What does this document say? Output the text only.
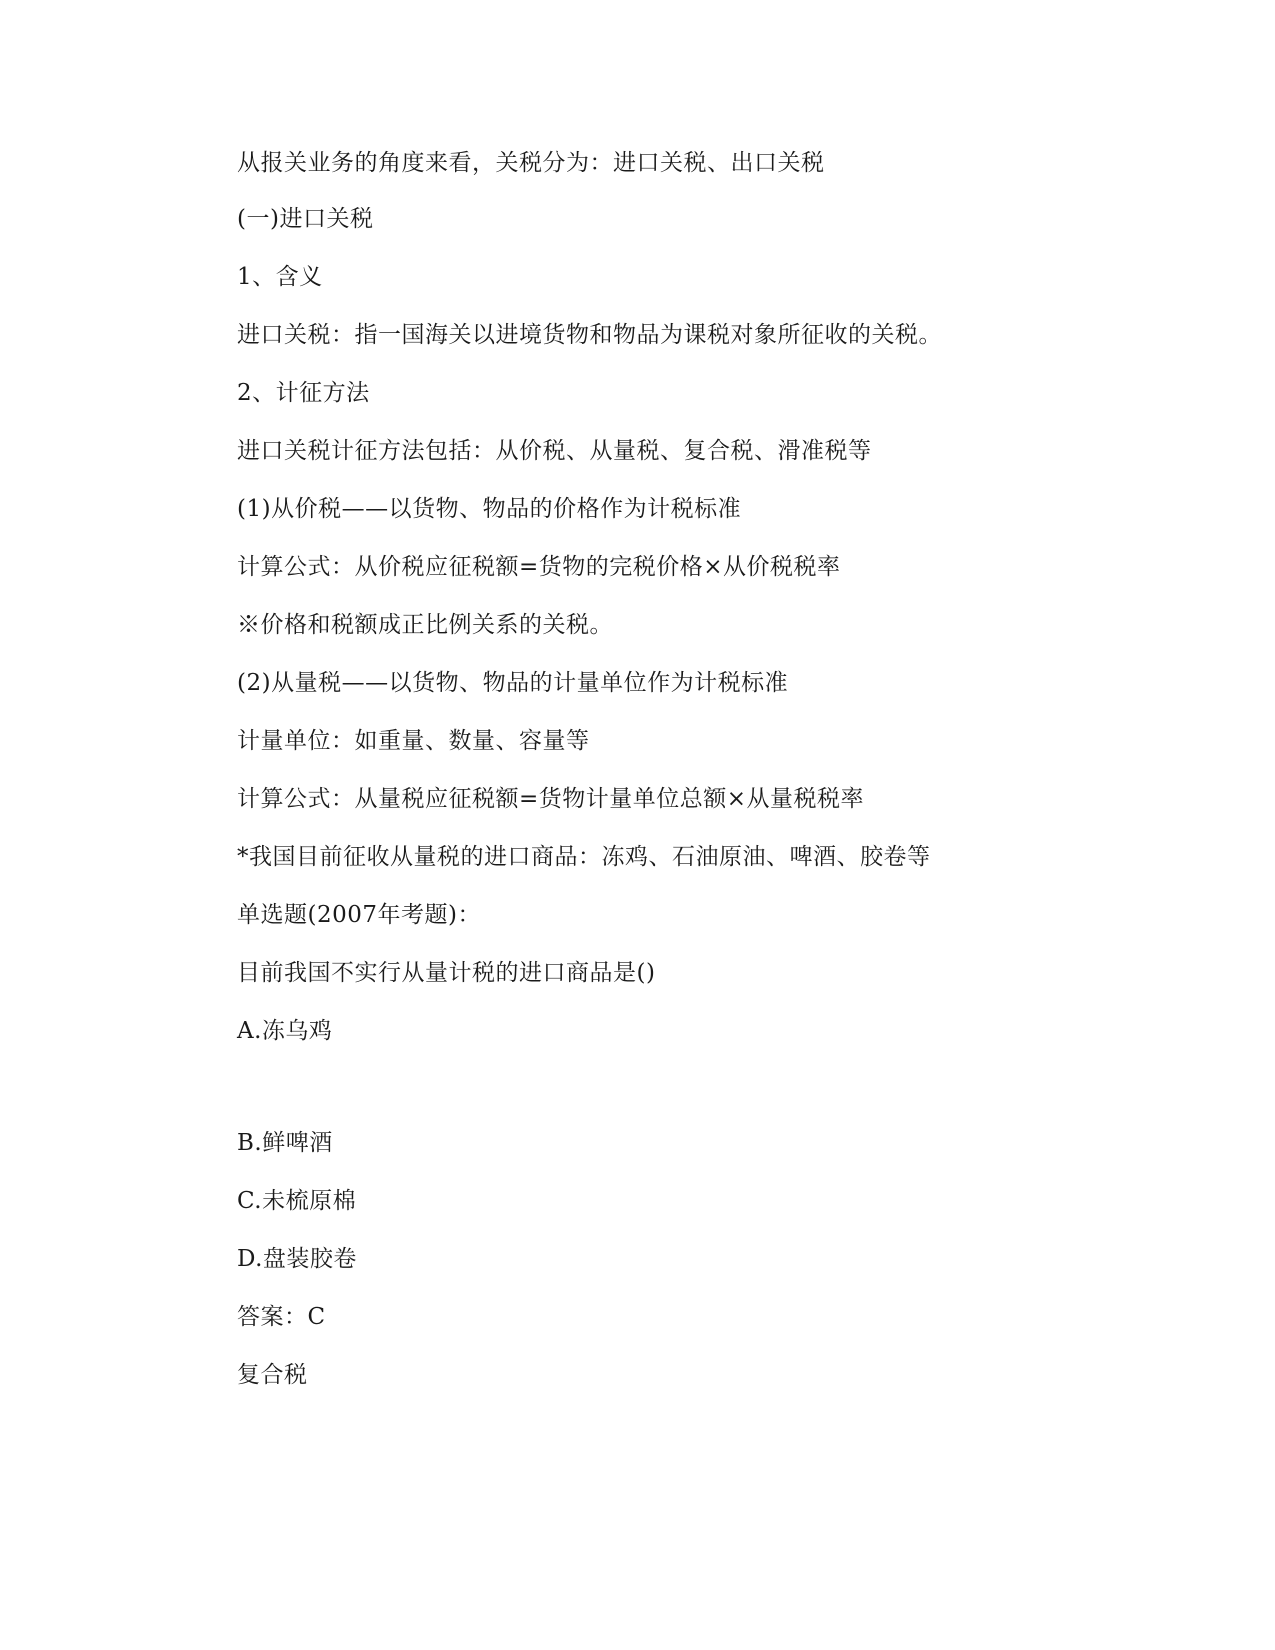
从报关业务的角度来看，关税分为：进口关税、出口关税
(一)进口关税
1、含义
进口关税：指一国海关以进境货物和物品为课税对象所征收的关税。
2、计征方法
进口关税计征方法包括：从价税、从量税、复合税、滑准税等
(1)从价税——以货物、物品的价格作为计税标准
计算公式：从价税应征税额=货物的完税价格×从价税税率
※价格和税额成正比例关系的关税。
(2)从量税——以货物、物品的计量单位作为计税标准
计量单位：如重量、数量、容量等
计算公式：从量税应征税额=货物计量单位总额×从量税税率
*我国目前征收从量税的进口商品：冻鸡、石油原油、啤酒、胶卷等
单选题(2007年考题)：
目前我国不实行从量计税的进口商品是()
A.冻乌鸡
B.鲜啤酒
C.未梳原棉
D.盘装胶卷
答案：C
复合税
